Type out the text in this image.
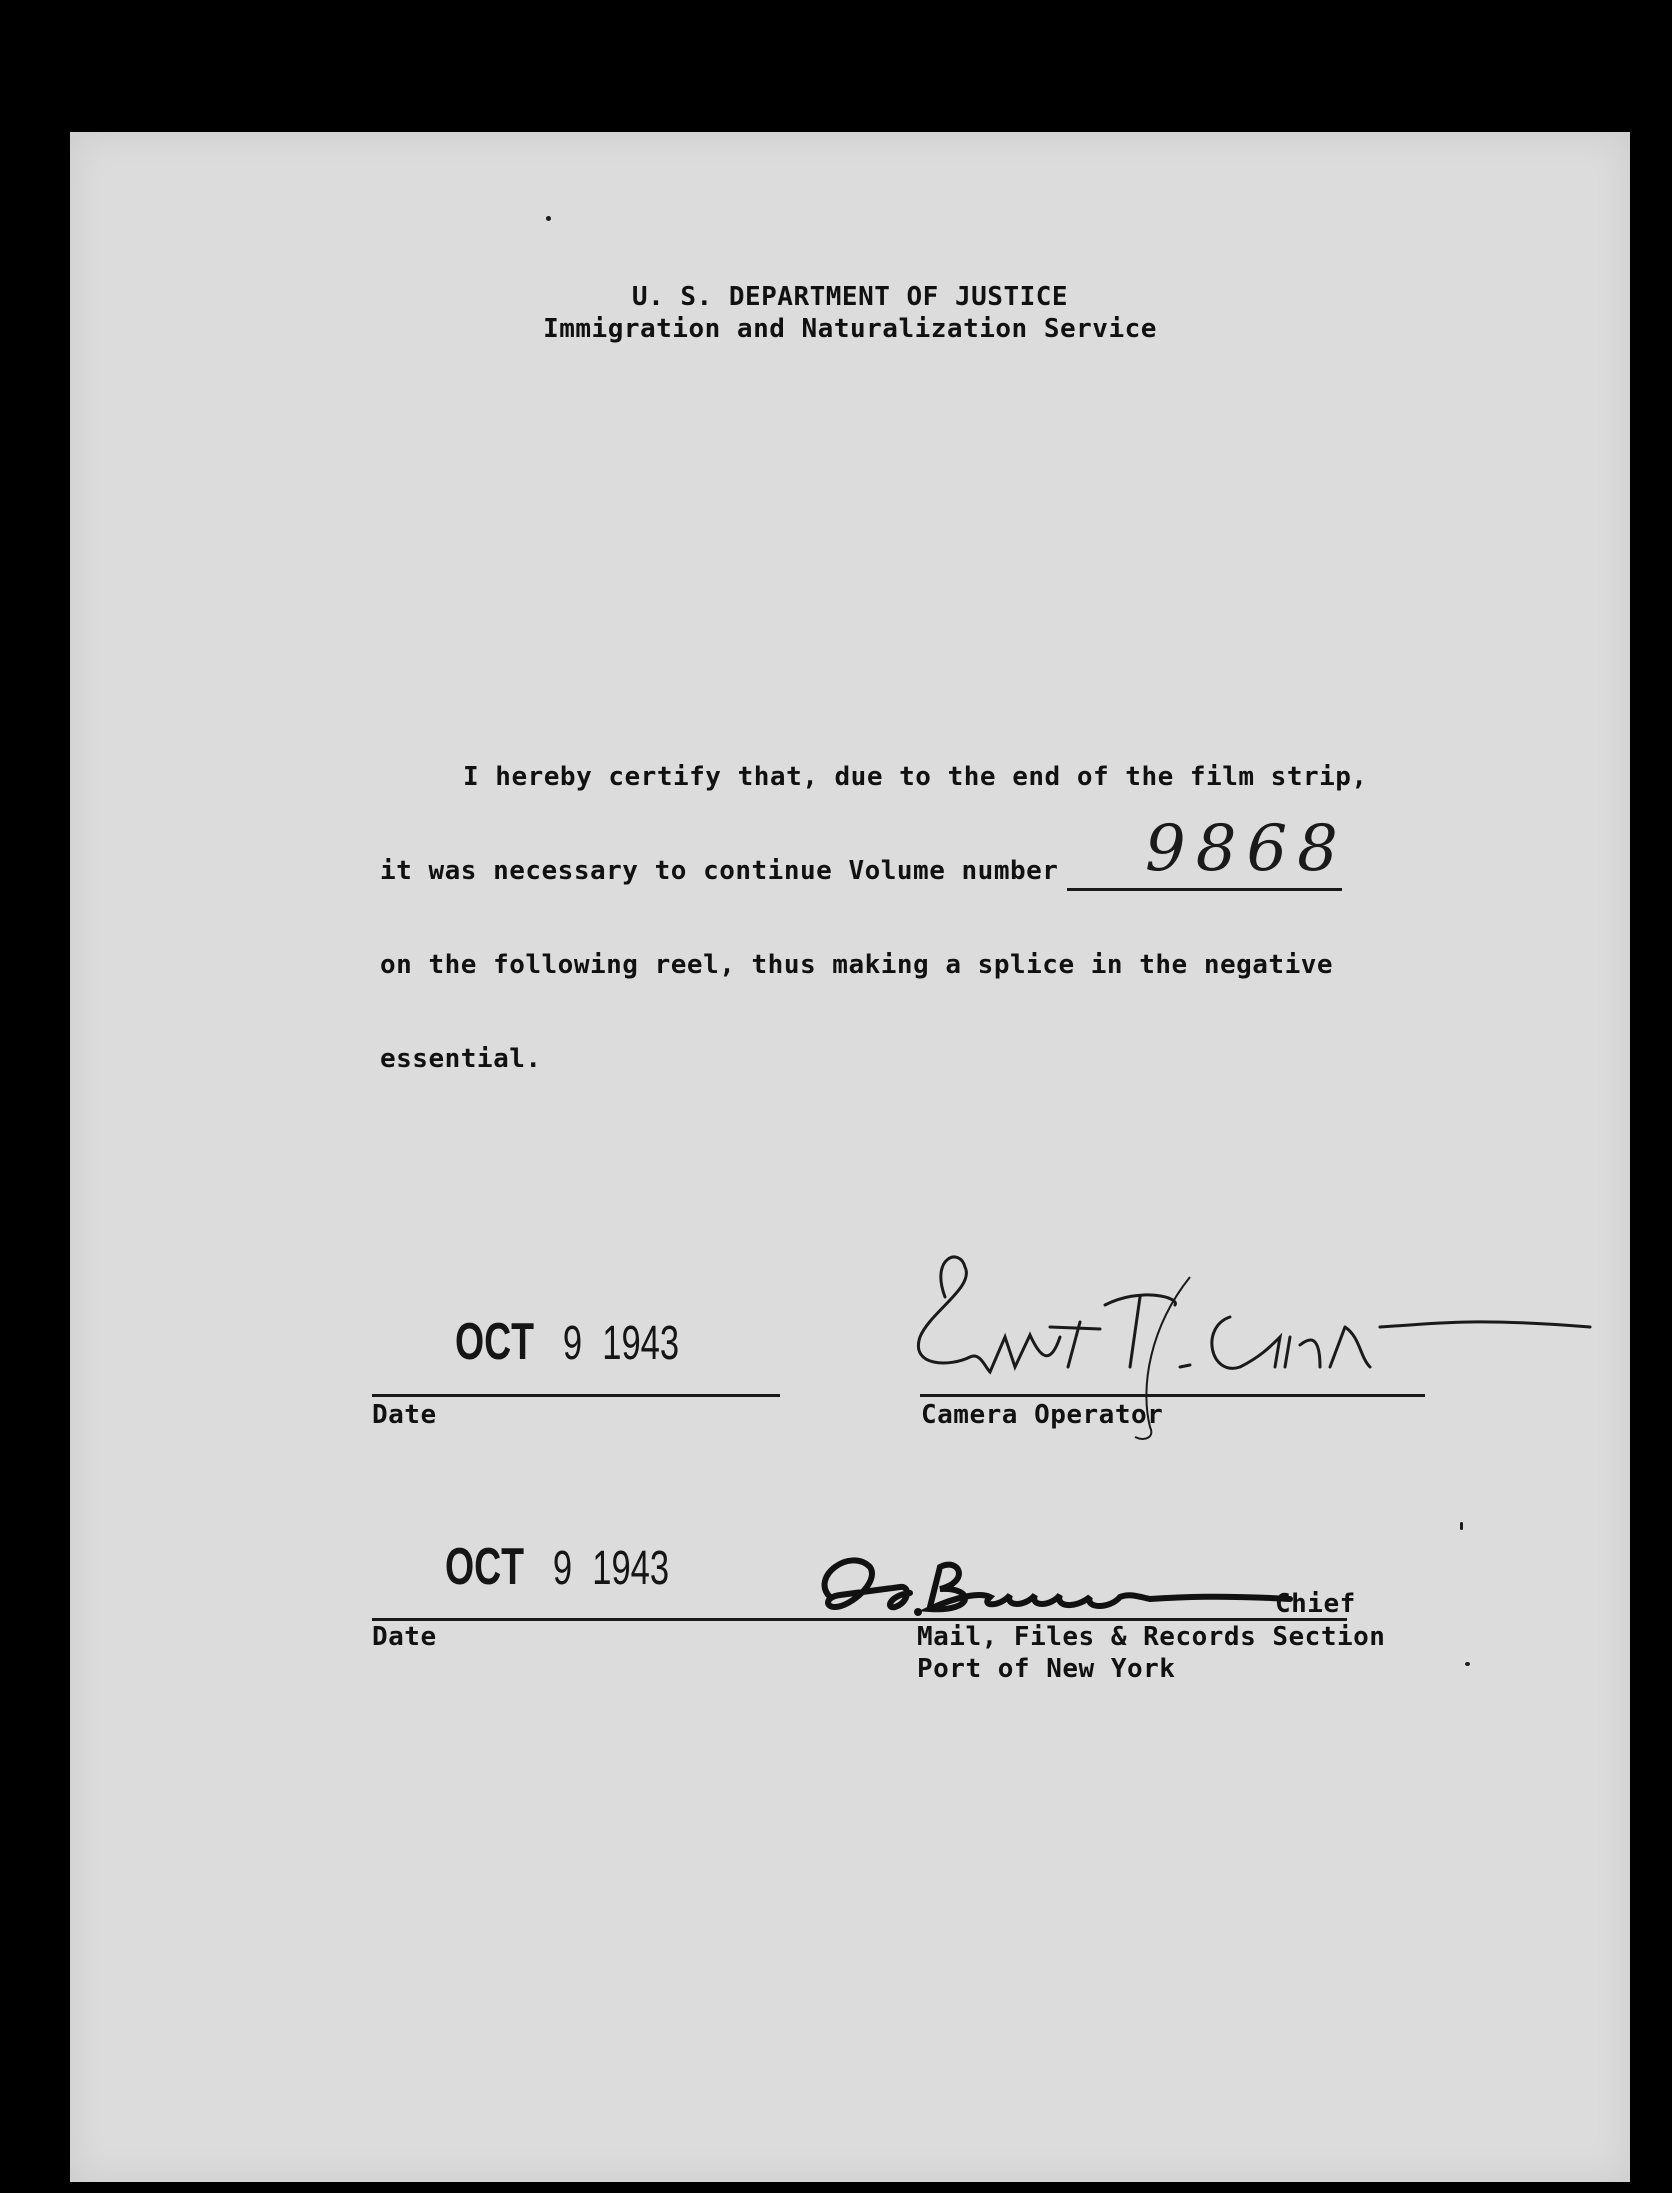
U. S. DEPARTMENT OF JUSTICE
Immigration and Naturalization Service
I hereby certify that, due to the end of the film strip,
it was necessary to continue Volume number 9868
on the following reel, thus making a splice in the negative
essential.
OCT 9 1943
Date	Camera Operator
OCT 9 1943
Date
Chief
Mail, Files & Records Section
Port of New York
